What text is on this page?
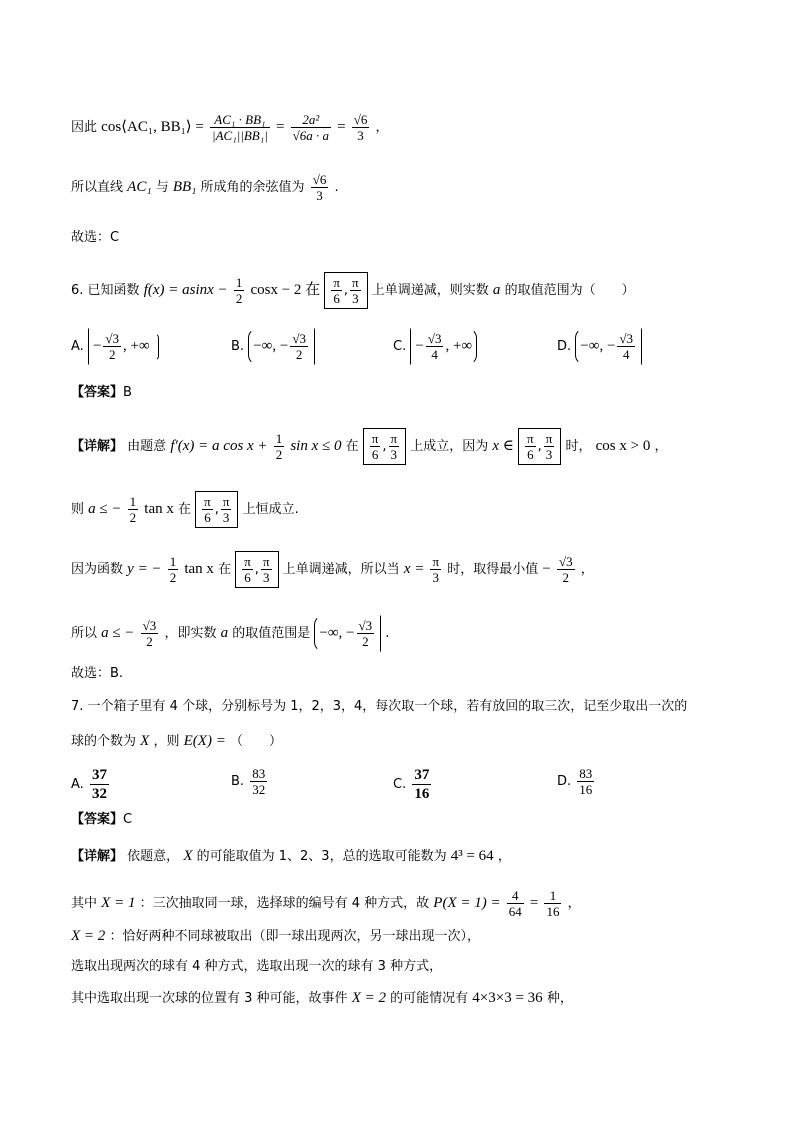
因此 cos⟨AC₁, BB₁⟩ = $\frac{\text{AC₁ · BB₁}}{\text{|AC₁||BB₁|}} = \frac{\text{2a²}}{√6a \cdot a} = \frac{√6}{3}$ ，
所以直线 AC₁ 与 BB₁ 所成角的余弦值为 $\frac{√6}{3}$ .
故选：C
6. 已知函数 $f(x) = asinx - \frac{1}{2}$ cosx − 2 在 $\frac{\pi}{6}$ , $\frac{\pi}{3}$ 上单调递减，则实数 a 的取值范围为（　　）
A. − $\frac{√3}{2}$ , +∞	B. −∞, − $\frac{√3}{2}$	C. − $\frac{√3}{4}$ , +∞	D. −∞, − $\frac{√3}{4}$
【答案】B
【详解】 由题意 f′(x) = a $\cos x + \frac{1}{2}$ sin x ≤ 0 在 $\frac{\pi}{6}$ , $\frac{\pi}{3}$ 上成立，因为 x ∈ $\frac{\pi}{6}$ , $\frac{\pi}{3}$ 时， cos x > 0 ，
则 a ≤ − $\frac{1}{2}$ tan x 在 $\frac{\pi}{6}$ , $\frac{\pi}{3}$ 上恒成立.
因为函数 y = − $\frac{1}{2}$ tan x 在 $\frac{\pi}{6}$ , $\frac{\pi}{3}$ 上单调递减，所以当 $x = \frac{\pi}{3}$ 时，取得最小值 − $\frac{√3}{2}$ ，
所以 a ≤ − $\frac{√3}{2}$ ，即实数 a 的取值范围是 −∞, − $\frac{√3}{2}$ .
故选：B.
7. 一个箱子里有 4 个球，分别标号为 1，2，3，4，每次取一个球，若有放回的取三次，记至少取出一次的
球的个数为 X ，则 E(X) = （　　）
A. $\frac{37}{32}$	B. $\frac{83}{32}$	C. $\frac{37}{16}$	D. $\frac{83}{16}$
【答案】C
【详解】 依题意， X 的可能取值为 1、2、3，总的选取可能数为 4³ = 64 ，
其中 X = 1 ：三次抽取同一球，选择球的编号有 4 种方式，故 $P(X = 1) = \frac{4}{64} = \frac{1}{16}$ ，
X = 2 ：恰好两种不同球被取出（即一球出现两次，另一球出现一次），
选取出现两次的球有 4 种方式，选取出现一次的球有 3 种方式，
其中选取出现一次球的位置有 3 种可能，故事件 X = 2 的可能情况有 4×3×3 = 36 种，
